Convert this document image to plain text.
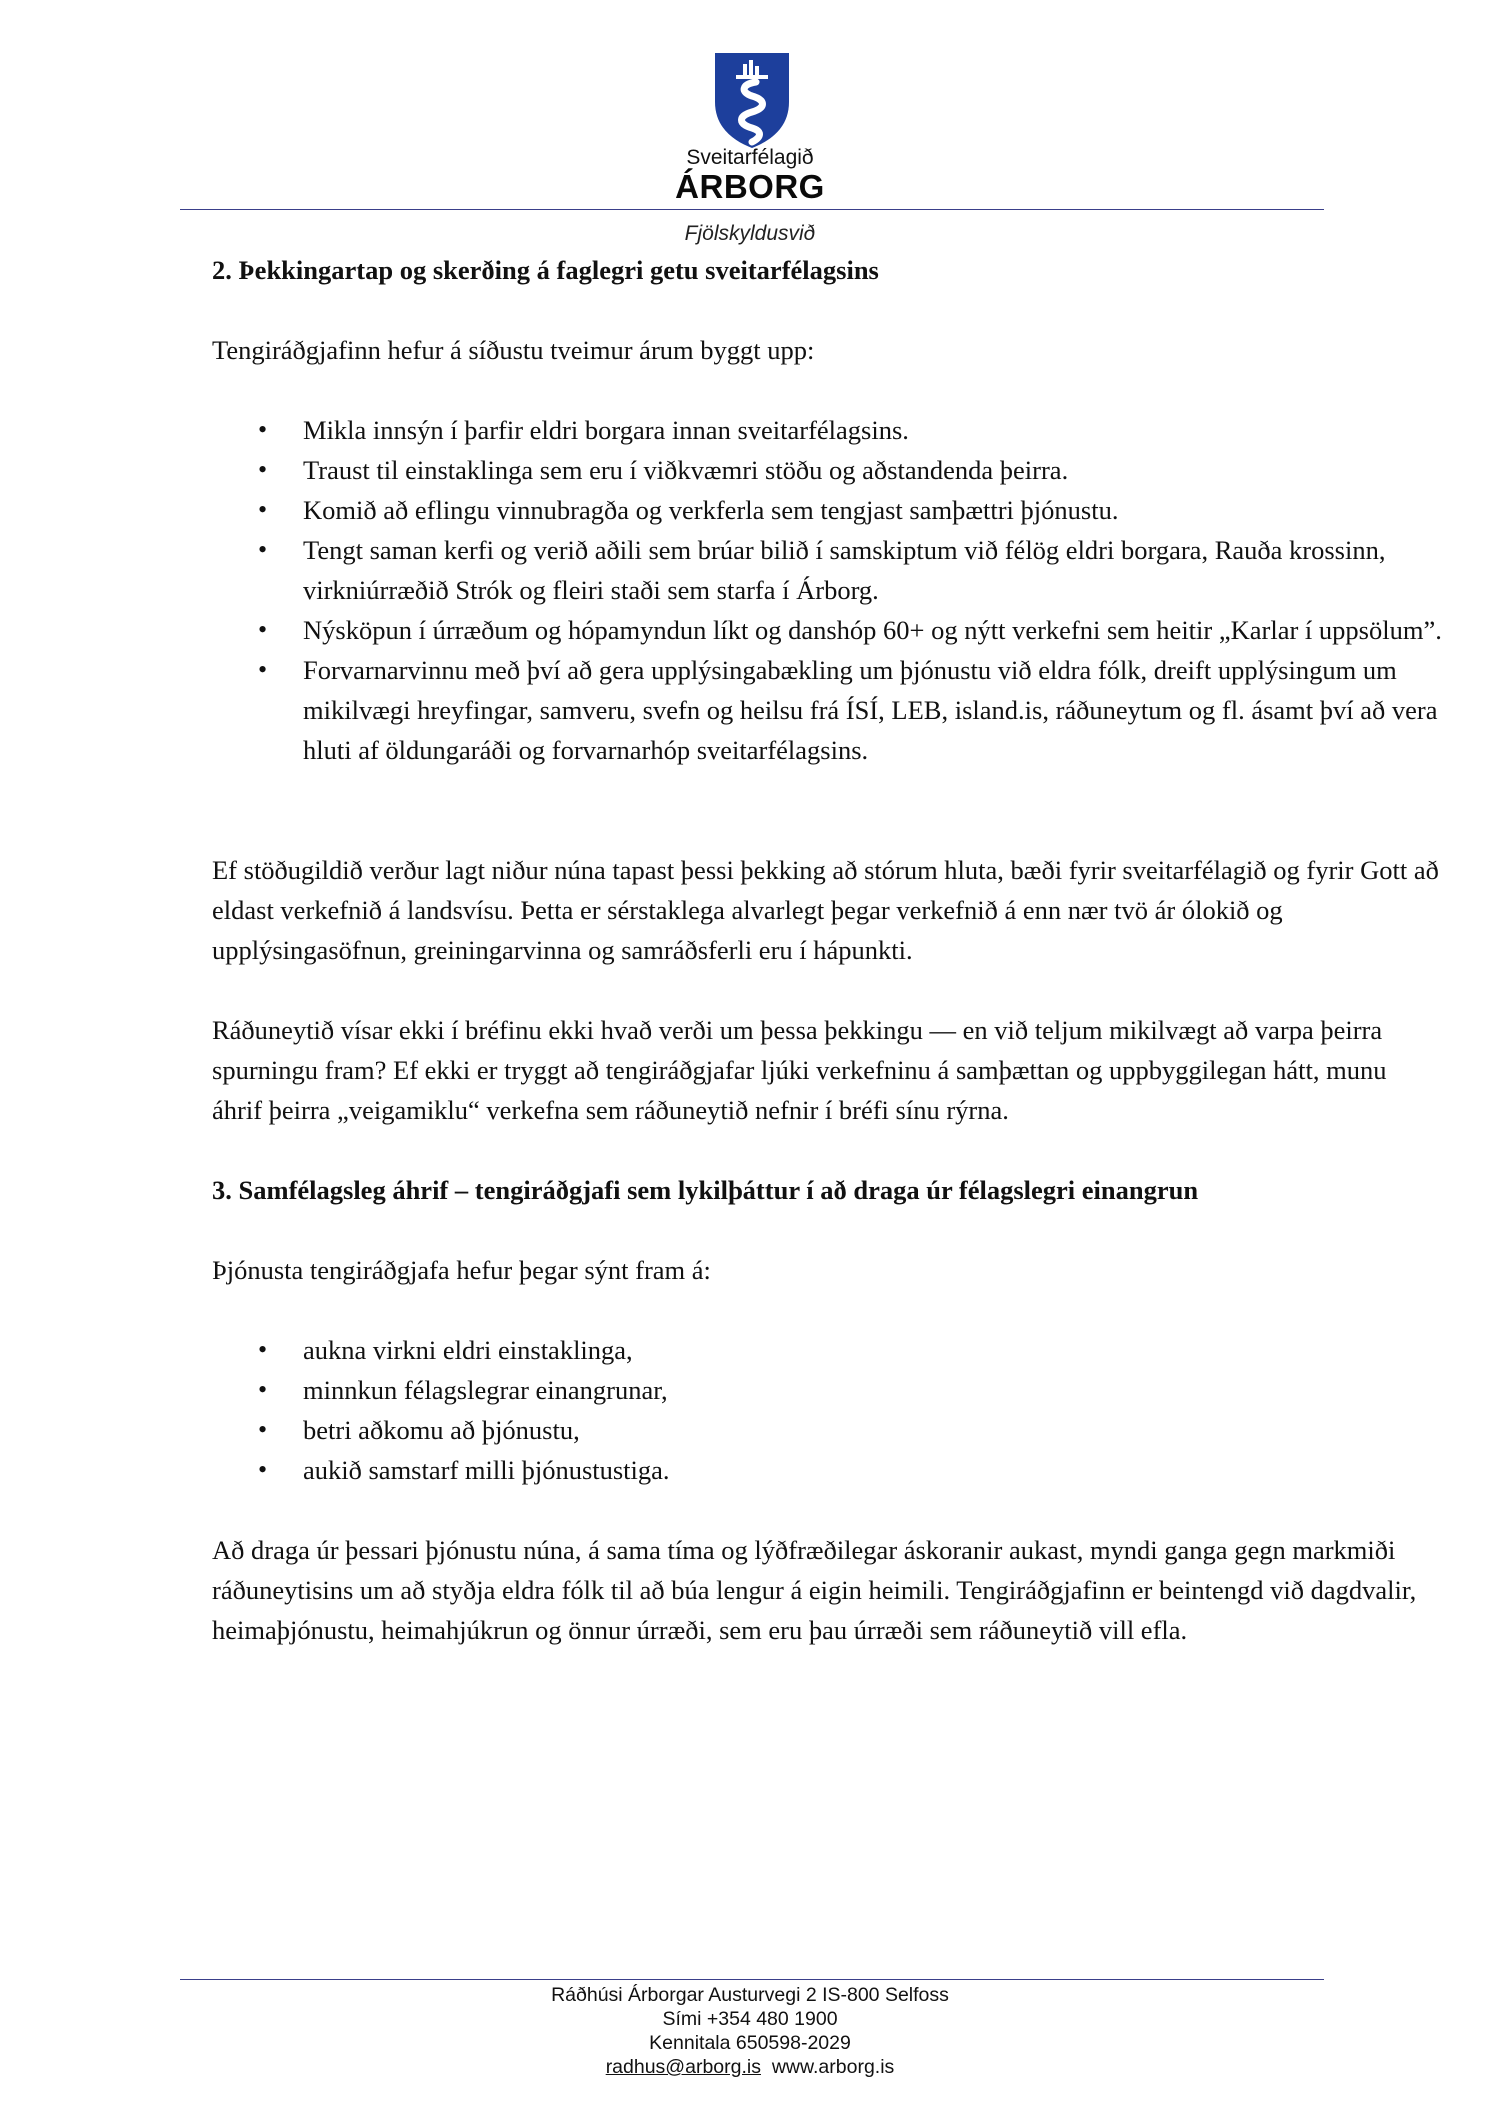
Sveitarfélagið
ÁRBORG
Fjölskyldusvið

2. Þekkingartap og skerðing á faglegri getu sveitarfélagsins

Tengiráðgjafinn hefur á síðustu tveimur árum byggt upp:

• Mikla innsýn í þarfir eldri borgara innan sveitarfélagsins.
• Traust til einstaklinga sem eru í viðkvæmri stöðu og aðstandenda þeirra.
• Komið að eflingu vinnubragða og verkferla sem tengjast samþættri þjónustu.
• Tengt saman kerfi og verið aðili sem brúar bilið í samskiptum við félög eldri borgara, Rauða krossinn, virkniúrræðið Strók og fleiri staði sem starfa í Árborg.
• Nýsköpun í úrræðum og hópamyndun líkt og danshóp 60+ og nýtt verkefni sem heitir „Karlar í uppsölum”.
• Forvarnarvinnu með því að gera upplýsingabækling um þjónustu við eldra fólk, dreift upplýsingum um mikilvægi hreyfingar, samveru, svefn og heilsu frá ÍSÍ, LEB, island.is, ráðuneytum og fl. ásamt því að vera hluti af öldungaráði og forvarnarhóp sveitarfélagsins.

Ef stöðugildið verður lagt niður núna tapast þessi þekking að stórum hluta, bæði fyrir sveitarfélagið og fyrir Gott að eldast verkefnið á landsvísu. Þetta er sérstaklega alvarlegt þegar verkefnið á enn nær tvö ár ólokið og upplýsingasöfnun, greiningarvinna og samráðsferli eru í hápunkti.

Ráðuneytið vísar ekki í bréfinu ekki hvað verði um þessa þekkingu — en við teljum mikilvægt að varpa þeirra spurningu fram? Ef ekki er tryggt að tengiráðgjafar ljúki verkefninu á samþættan og uppbyggilegan hátt, munu áhrif þeirra „veigamiklu“ verkefna sem ráðuneytið nefnir í bréfi sínu rýrna.

3. Samfélagsleg áhrif – tengiráðgjafi sem lykilþáttur í að draga úr félagslegri einangrun

Þjónusta tengiráðgjafa hefur þegar sýnt fram á:

• aukna virkni eldri einstaklinga,
• minnkun félagslegrar einangrunar,
• betri aðkomu að þjónustu,
• aukið samstarf milli þjónustustiga.

Að draga úr þessari þjónustu núna, á sama tíma og lýðfræðilegar áskoranir aukast, myndi ganga gegn markmiði ráðuneytisins um að styðja eldra fólk til að búa lengur á eigin heimili. Tengiráðgjafinn er beintengd við dagdvalir, heimaþjónustu, heimahjúkrun og önnur úrræði, sem eru þau úrræði sem ráðuneytið vill efla.

Ráðhúsi Árborgar Austurvegi 2 IS-800 Selfoss
Sími +354 480 1900
Kennitala 650598-2029
radhus@arborg.is www.arborg.is
